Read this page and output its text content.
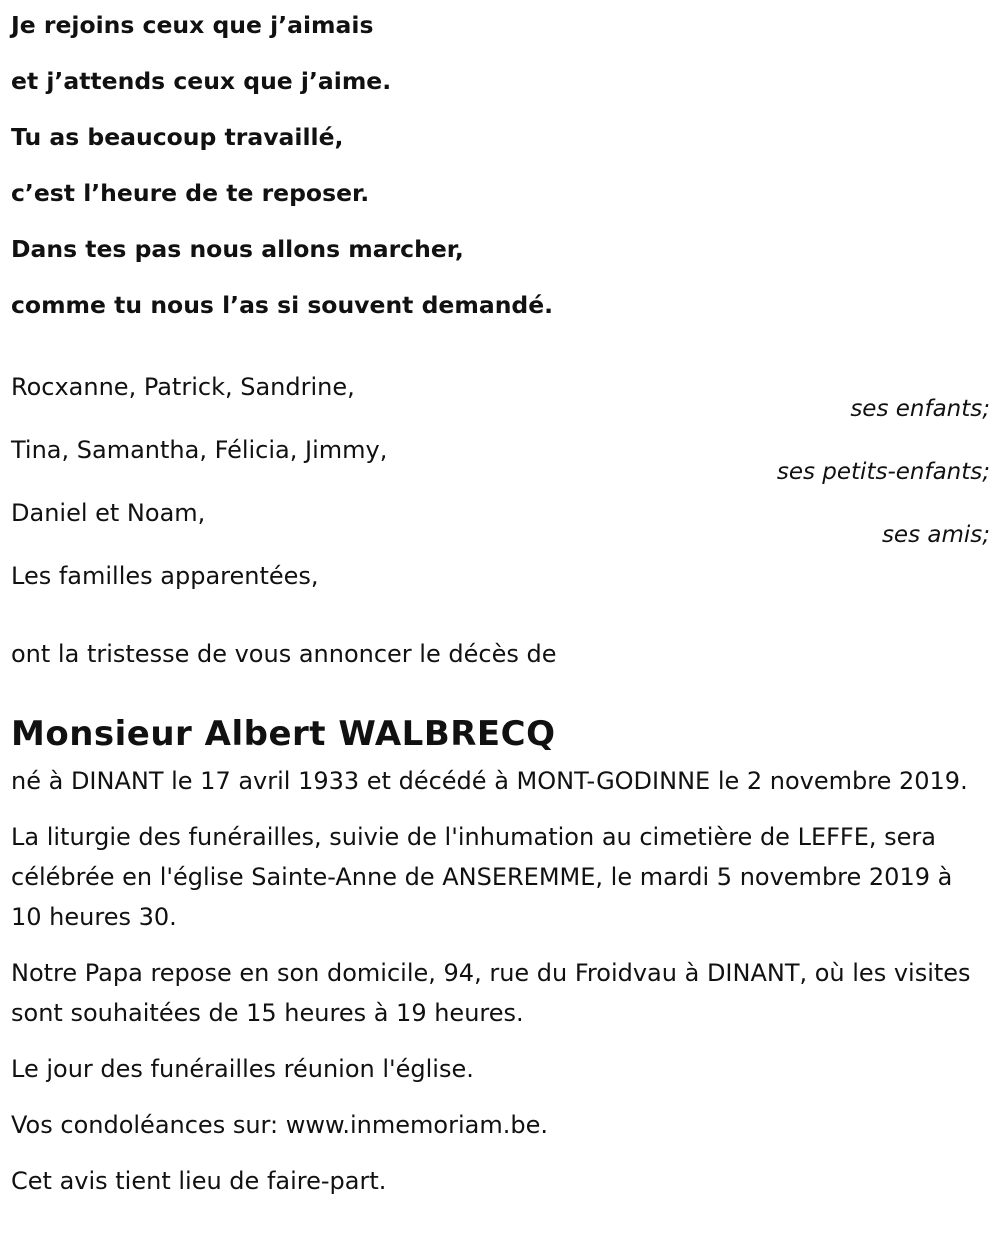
Je rejoins ceux que j’aimais
et j’attends ceux que j’aime.
Tu as beaucoup travaillé,
c’est l’heure de te reposer.
Dans tes pas nous allons marcher,
comme tu nous l’as si souvent demandé.
Rocxanne, Patrick, Sandrine,
ses enfants;
Tina, Samantha, Félicia, Jimmy,
ses petits-enfants;
Daniel et Noam,
ses amis;
Les familles apparentées,
ont la tristesse de vous annoncer le décès de
Monsieur Albert WALBRECQ

né à DINANT le 17 avril 1933 et décédé à MONT-GODINNE le 2 novembre 2019.

La liturgie des funérailles, suivie de l'inhumation au cimetière de LEFFE, sera célébrée en l'église Sainte-Anne de ANSEREMME, le mardi 5 novembre 2019 à 10 heures 30.

Notre Papa repose en son domicile, 94, rue du Froidvau à DINANT, où les visites sont souhaitées de 15 heures à 19 heures.

Le jour des funérailles réunion l'église.

Vos condoléances sur: www.inmemoriam.be.

Cet avis tient lieu de faire-part.
